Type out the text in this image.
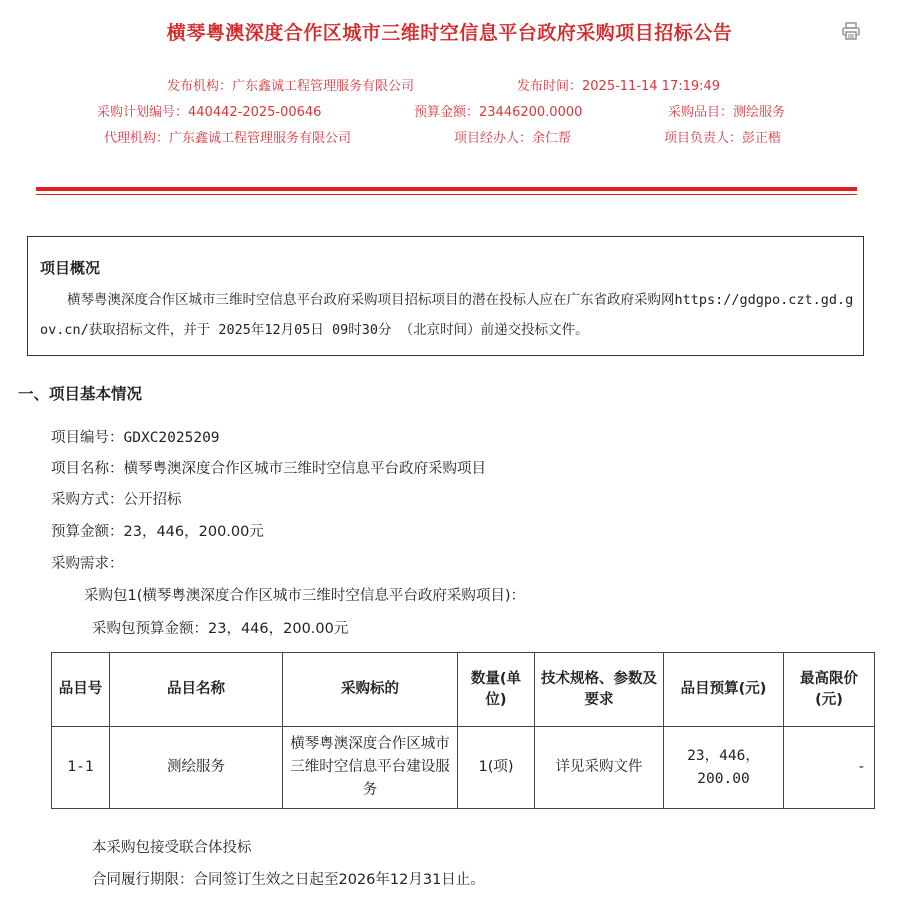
横琴粤澳深度合作区城市三维时空信息平台政府采购项目招标公告
发布机构：广东鑫诚工程管理服务有限公司	发布时间：2025-11-14 17:19:49
采购计划编号：440442-2025-00646	预算金额：23446200.0000	采购品目：测绘服务
代理机构：广东鑫诚工程管理服务有限公司	项目经办人：余仁帮	项目负责人：彭正楷
项目概况
横琴粤澳深度合作区城市三维时空信息平台政府采购项目招标项目的潜在投标人应在广东省政府采购网https://gdgpo.czt.gd.gov.cn/获取招标文件，并于 2025年12月05日 09时30分 （北京时间）前递交投标文件。
一、项目基本情况
项目编号：GDXC2025209
项目名称：横琴粤澳深度合作区城市三维时空信息平台政府采购项目
采购方式：公开招标
预算金额：23，446，200.00元
采购需求：
采购包1(横琴粤澳深度合作区城市三维时空信息平台政府采购项目)：
采购包预算金额：23，446，200.00元
品目号	品目名称	采购标的	数量(单位)	技术规格、参数及要求	品目预算(元)	最高限价(元)
1-1	测绘服务	横琴粤澳深度合作区城市三维时空信息平台建设服务	1(项)	详见采购文件	23，446，200.00	-
本采购包接受联合体投标
合同履行期限：合同签订生效之日起至2026年12月31日止。
